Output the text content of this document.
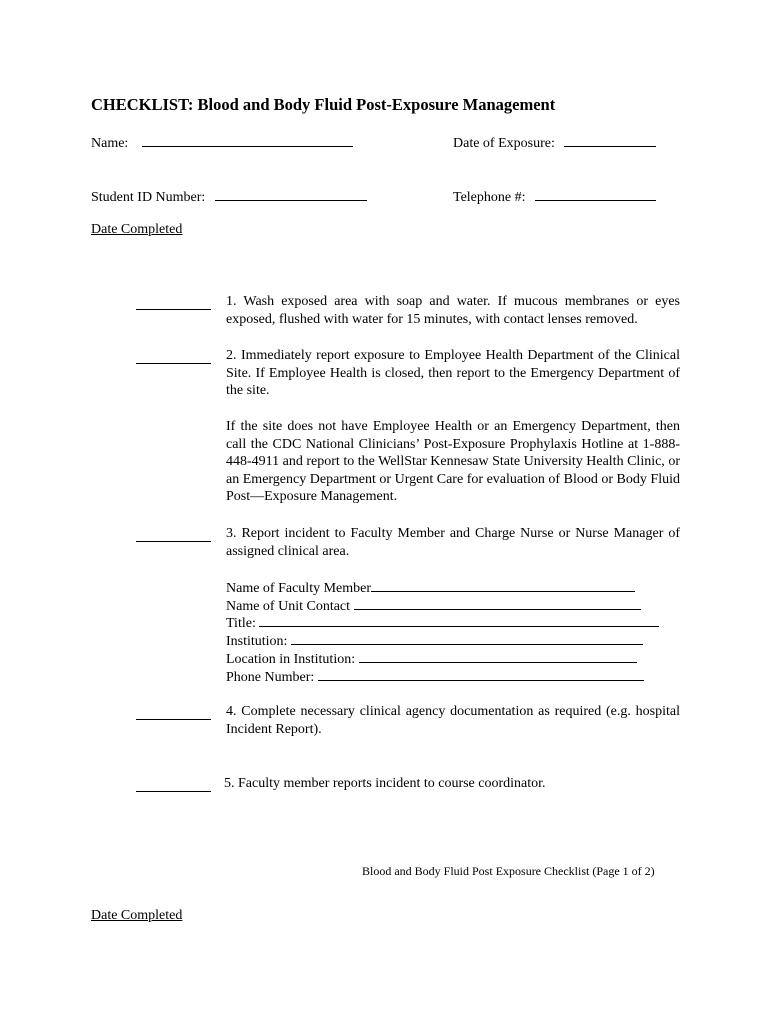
CHECKLIST: Blood and Body Fluid Post-Exposure Management
Name:	Date of Exposure:
Student ID Number:	Telephone #:
Date Completed
1. Wash exposed area with soap and water. If mucous membranes or eyes exposed, flushed with water for 15 minutes, with contact lenses removed.
2. Immediately report exposure to Employee Health Department of the Clinical Site. If Employee Health is closed, then report to the Emergency Department of the site.
If the site does not have Employee Health or an Emergency Department, then call the CDC National Clinicians’ Post-Exposure Prophylaxis Hotline at 1-888-448-4911 and report to the WellStar Kennesaw State University Health Clinic, or an Emergency Department or Urgent Care for evaluation of Blood or Body Fluid Post—Exposure Management.
3. Report incident to Faculty Member and Charge Nurse or Nurse Manager of assigned clinical area.
Name of Faculty Member
Name of Unit Contact
Title:
Institution:
Location in Institution:
Phone Number:
4. Complete necessary clinical agency documentation as required (e.g. hospital Incident Report).
5. Faculty member reports incident to course coordinator.
Blood and Body Fluid Post Exposure Checklist (Page 1 of 2)
Date Completed
